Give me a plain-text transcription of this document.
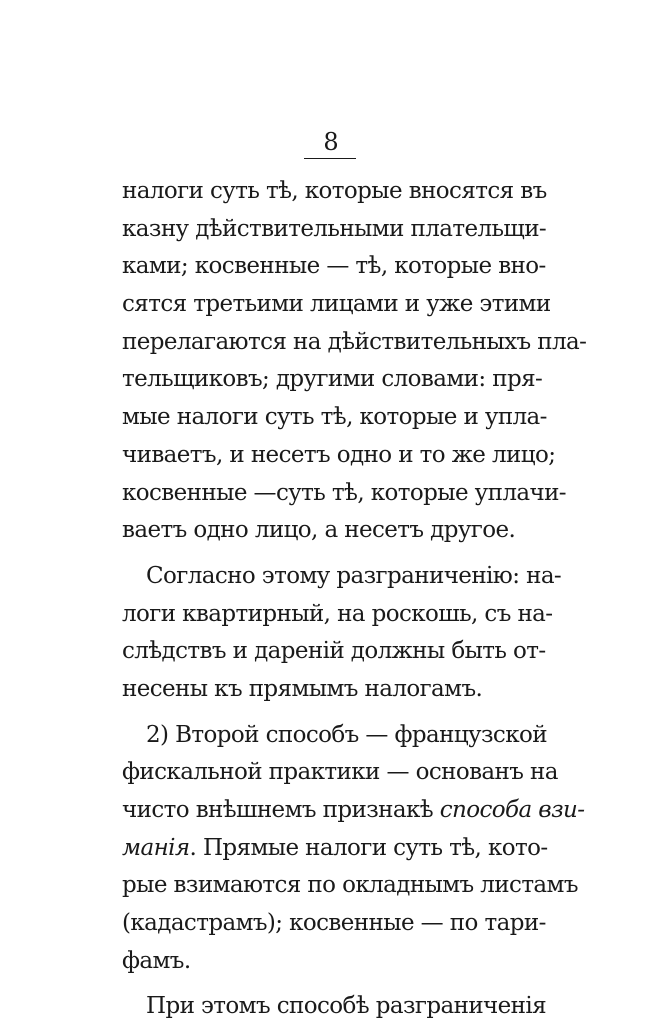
8
налоги суть тѣ, которые вносятся въ
казну дѣйствительными плательщи-
ками; косвенные — тѣ, которые вно-
сятся третьими лицами и уже этими
перелагаются на дѣйствительныхъ пла-
тельщиковъ; другими словами: пря-
мые налоги суть тѣ, которые и упла-
чиваетъ, и несетъ одно и то же лицо;
косвенные —суть тѣ, которые уплачи-
ваетъ одно лицо, а несетъ другое.
Согласно этому разграниченiю: на-
логи квартирный, на роскошь, съ на-
слѣдствъ и даренiй должны быть от-
несены къ прямымъ налогамъ.
2) Второй способъ — французской
фискальной практики — основанъ на
чисто внѣшнемъ признакѣ способа взи-
манiя. Прямые налоги суть тѣ, кото-
рые взимаются по окладнымъ листамъ
(кадастрамъ); косвенные — по тари-
фамъ.
При этомъ способѣ разграниченiя
